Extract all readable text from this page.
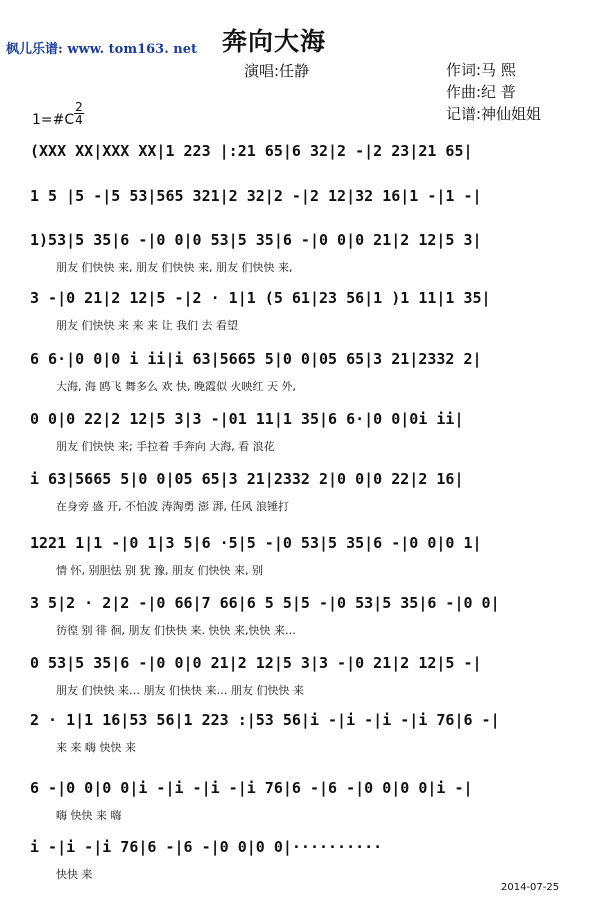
枫儿乐谱: www. tom163. net 奔向大海
演唱:任静	作词:马 熙
作曲:纪 普
记谱:神仙姐姐
1=#C
2
4
(XXX XX|XXX XX|1 223 |:21 65|6 32|2 -|2 23|21 65|
1 5 |5 -|5 53|565 321|2 32|2 -|2 12|32 16|1 -|1 -|
1)53|5 35|6 -|0 0|0 53|5 35|6 -|0 0|0 21|2 12|5 3|
朋友 们快快 来, 朋友 们快快 来, 朋友 们快快 来,
3 -|0 21|2 12|5 -|2 · 1|1 (5 61|23 56|1 )1 11|1 35|
朋友 们快快 来 来 来 让 我们 去 看望
6 6·|0 0|0 i ii|i 63|5665 5|0 0|05 65|3 21|2332 2|
大海, 海 鸥飞 舞多么 欢 快, 晚霞似 火映红 天 外,
0 0|0 22|2 12|5 3|3 -|01 11|1 35|6 6·|0 0|0i ii|
朋友 们快快 来; 手拉着 手奔向 大海, 看 浪花
i 63|5665 5|0 0|05 65|3 21|2332 2|0 0|0 22|2 16|
在身旁 盛 开, 不怕波 涛淘勇 澎 湃, 任风 浪锤打
1221 1|1 -|0 1|3 5|6 ·5|5 -|0 53|5 35|6 -|0 0|0 1|
情 怀, 别胆怯 别 犹 豫, 朋友 们快快 来, 别
3 5|2 · 2|2 -|0 66|7 66|6 5 5|5 -|0 53|5 35|6 -|0 0|
彷徨 别 徘 徊, 朋友 们快快 来. 快快 来,快快 来…
0 53|5 35|6 -|0 0|0 21|2 12|5 3|3 -|0 21|2 12|5 -|
朋友 们快快 来… 朋友 们快快 来… 朋友 们快快 来
2 · 1|1 16|53 56|1 223 :|53 56|i -|i -|i -|i 76|6 -|
来 来 嗨 快快 来
6 -|0 0|0 0|i -|i -|i -|i 76|6 -|6 -|0 0|0 0|i -|
嗨 快快 来 嗨
i -|i -|i 76|6 -|6 -|0 0|0 0|··········
快快 来
2014-07-25
